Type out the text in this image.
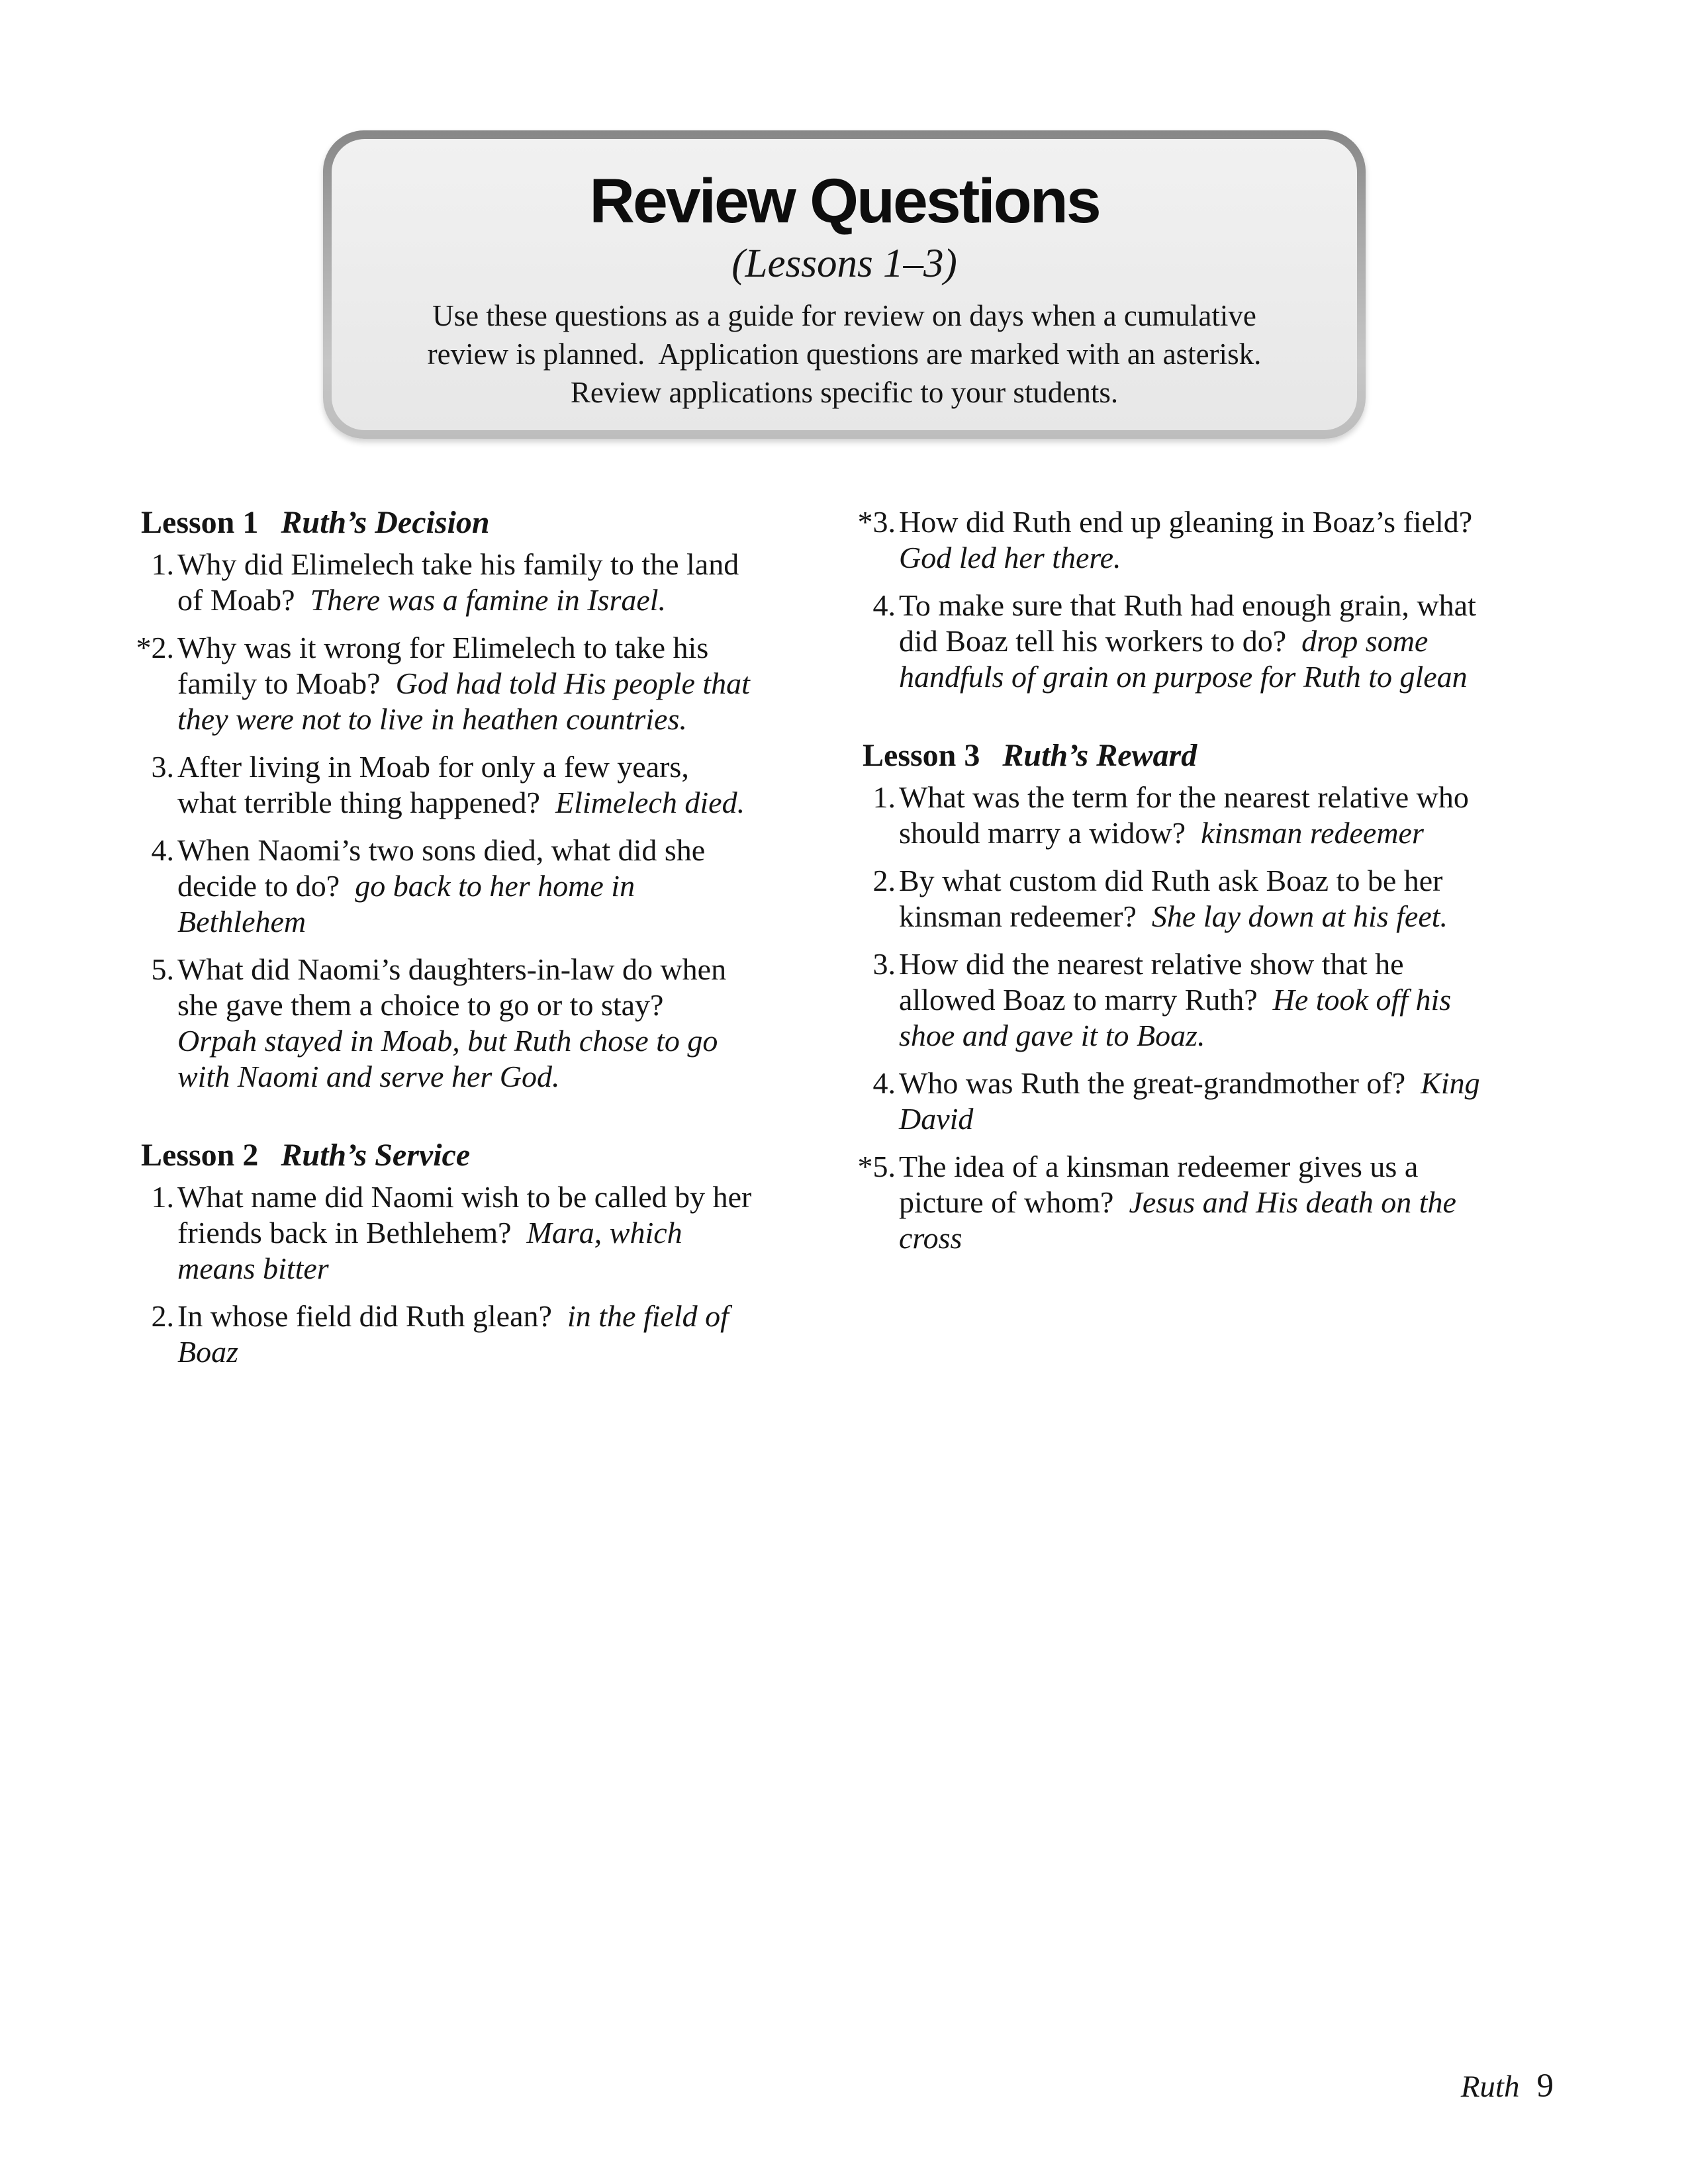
Review Questions
(Lessons 1–3)

Use these questions as a guide for review on days when a cumulative

review is planned.  Application questions are marked with an asterisk.

Review applications specific to your students.

Lesson 1 Ruth’s Decision
1. Why did Elimelech take his family to the land of Moab? There was a famine in Israel.
*2. Why was it wrong for Elimelech to take his family to Moab? God had told His people that they were not to live in heathen countries.
3. After living in Moab for only a few years, what terrible thing happened? Elimelech died.
4. When Naomi’s two sons died, what did she decide to do? go back to her home in Bethlehem
5. What did Naomi’s daughters-in-law do when she gave them a choice to go or to stay?  Orpah stayed in Moab, but Ruth chose to go with Naomi and serve her God.
Lesson 2 Ruth’s Service
1. What name did Naomi wish to be called by her friends back in Bethlehem? Mara, which means bitter
2. In whose field did Ruth glean? in the field of Boaz
*3. How did Ruth end up gleaning in Boaz’s field?  God led her there.
4. To make sure that Ruth had enough grain, what did Boaz tell his workers to do? drop some handfuls of grain on purpose for Ruth to glean
Lesson 3 Ruth’s Reward
1. What was the term for the nearest relative who should marry a widow? kinsman redeemer
2. By what custom did Ruth ask Boaz to be her kinsman redeemer? She lay down at his feet.
3. How did the nearest relative show that he allowed Boaz to marry Ruth? He took off his shoe and gave it to Boaz.
4. Who was Ruth the great-grandmother of? King David
*5. The idea of a kinsman redeemer gives us a picture of whom? Jesus and His death on the cross
Ruth 9
